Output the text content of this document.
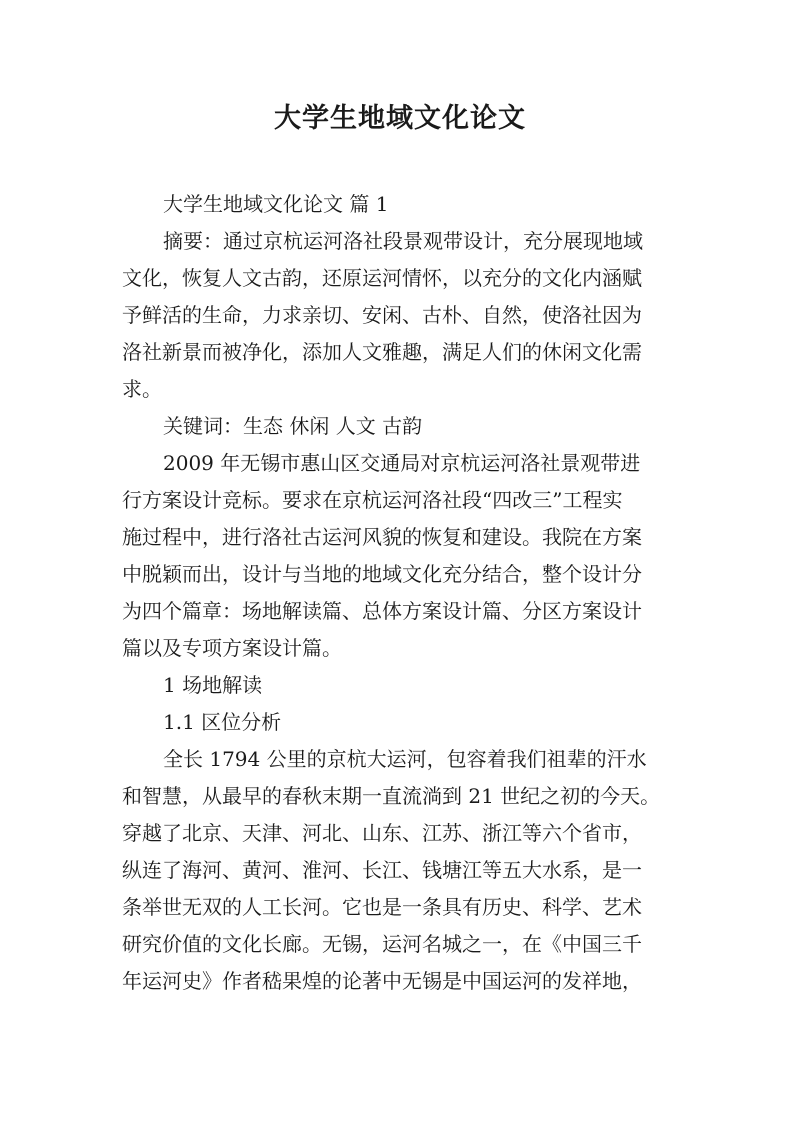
大学生地域文化论文
大学生地域文化论文 篇 1
摘要：通过京杭运河洛社段景观带设计，充分展现地域
文化，恢复人文古韵，还原运河情怀，以充分的文化内涵赋
予鲜活的生命，力求亲切、安闲、古朴、自然，使洛社因为
洛社新景而被净化，添加人文雅趣，满足人们的休闲文化需
求。
关键词：生态 休闲 人文 古韵
2009 年无锡市惠山区交通局对京杭运河洛社景观带进
行方案设计竞标。要求在京杭运河洛社段“四改三”工程实
施过程中，进行洛社古运河风貌的恢复和建设。我院在方案
中脱颖而出，设计与当地的地域文化充分结合，整个设计分
为四个篇章：场地解读篇、总体方案设计篇、分区方案设计
篇以及专项方案设计篇。
1 场地解读
1.1 区位分析
全长 1794 公里的京杭大运河，包容着我们祖辈的汗水
和智慧，从最早的春秋末期一直流淌到 21 世纪之初的今天。
穿越了北京、天津、河北、山东、江苏、浙江等六个省市，
纵连了海河、黄河、淮河、长江、钱塘江等五大水系，是一
条举世无双的人工长河。它也是一条具有历史、科学、艺术
研究价值的文化长廊。无锡，运河名城之一，在《中国三千
年运河史》作者嵇果煌的论著中无锡是中国运河的发祥地，
